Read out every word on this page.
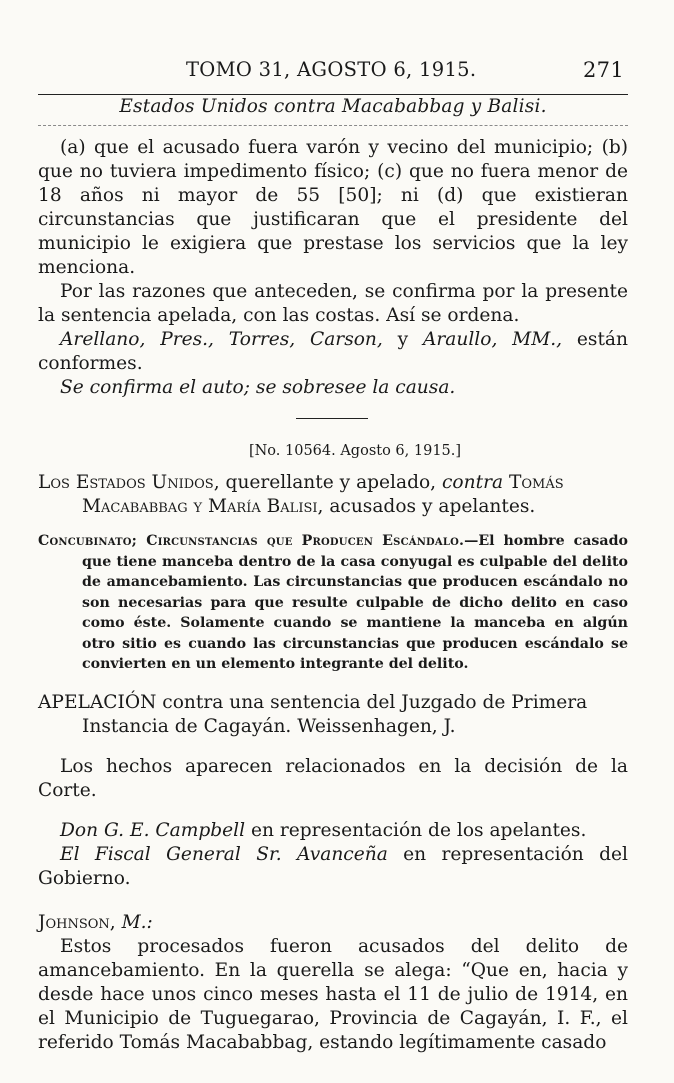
TOMO 31, AGOSTO 6, 1915.	271
Estados Unidos contra Macababbag y Balisi.

(a) que el acusado fuera varón y vecino del municipio; (b) que no tuviera impedimento físico; (c) que no fuera menor de 18 años ni mayor de 55 [50]; ni (d) que existieran circunstancias que justificaran que el presidente del municipio le exigiera que prestase los servicios que la ley menciona.

Por las razones que anteceden, se confirma por la presente la sentencia apelada, con las costas. Así se ordena.

Arellano, Pres., Torres, Carson, y Araullo, MM., están conformes.

Se confirma el auto; se sobresee la causa.

[No. 10564. Agosto 6, 1915.]
Los Estados Unidos, querellante y apelado, contra Tomás Macababbag y María Balisi, acusados y apelantes.
Concubinato; Circunstancias que Producen Escándalo.—El hombre casado que tiene manceba dentro de la casa conyugal es culpable del delito de amancebamiento. Las circunstancias que producen escándalo no son necesarias para que resulte culpable de dicho delito en caso como éste. Solamente cuando se mantiene la manceba en algún otro sitio es cuando las circunstancias que producen escándalo se convierten en un elemento integrante del delito.
APELACIÓN contra una sentencia del Juzgado de Primera Instancia de Cagayán. Weissenhagen, J.

Los hechos aparecen relacionados en la decisión de la Corte.

Don G. E. Campbell en representación de los apelantes.

El Fiscal General Sr. Avanceña en representación del Gobierno.

Johnson, M.:

Estos procesados fueron acusados del delito de amancebamiento. En la querella se alega: “Que en, hacia y desde hace unos cinco meses hasta el 11 de julio de 1914, en el Municipio de Tuguegarao, Provincia de Cagayán, I. F., el referido Tomás Macababbag, estando legítimamente casado
